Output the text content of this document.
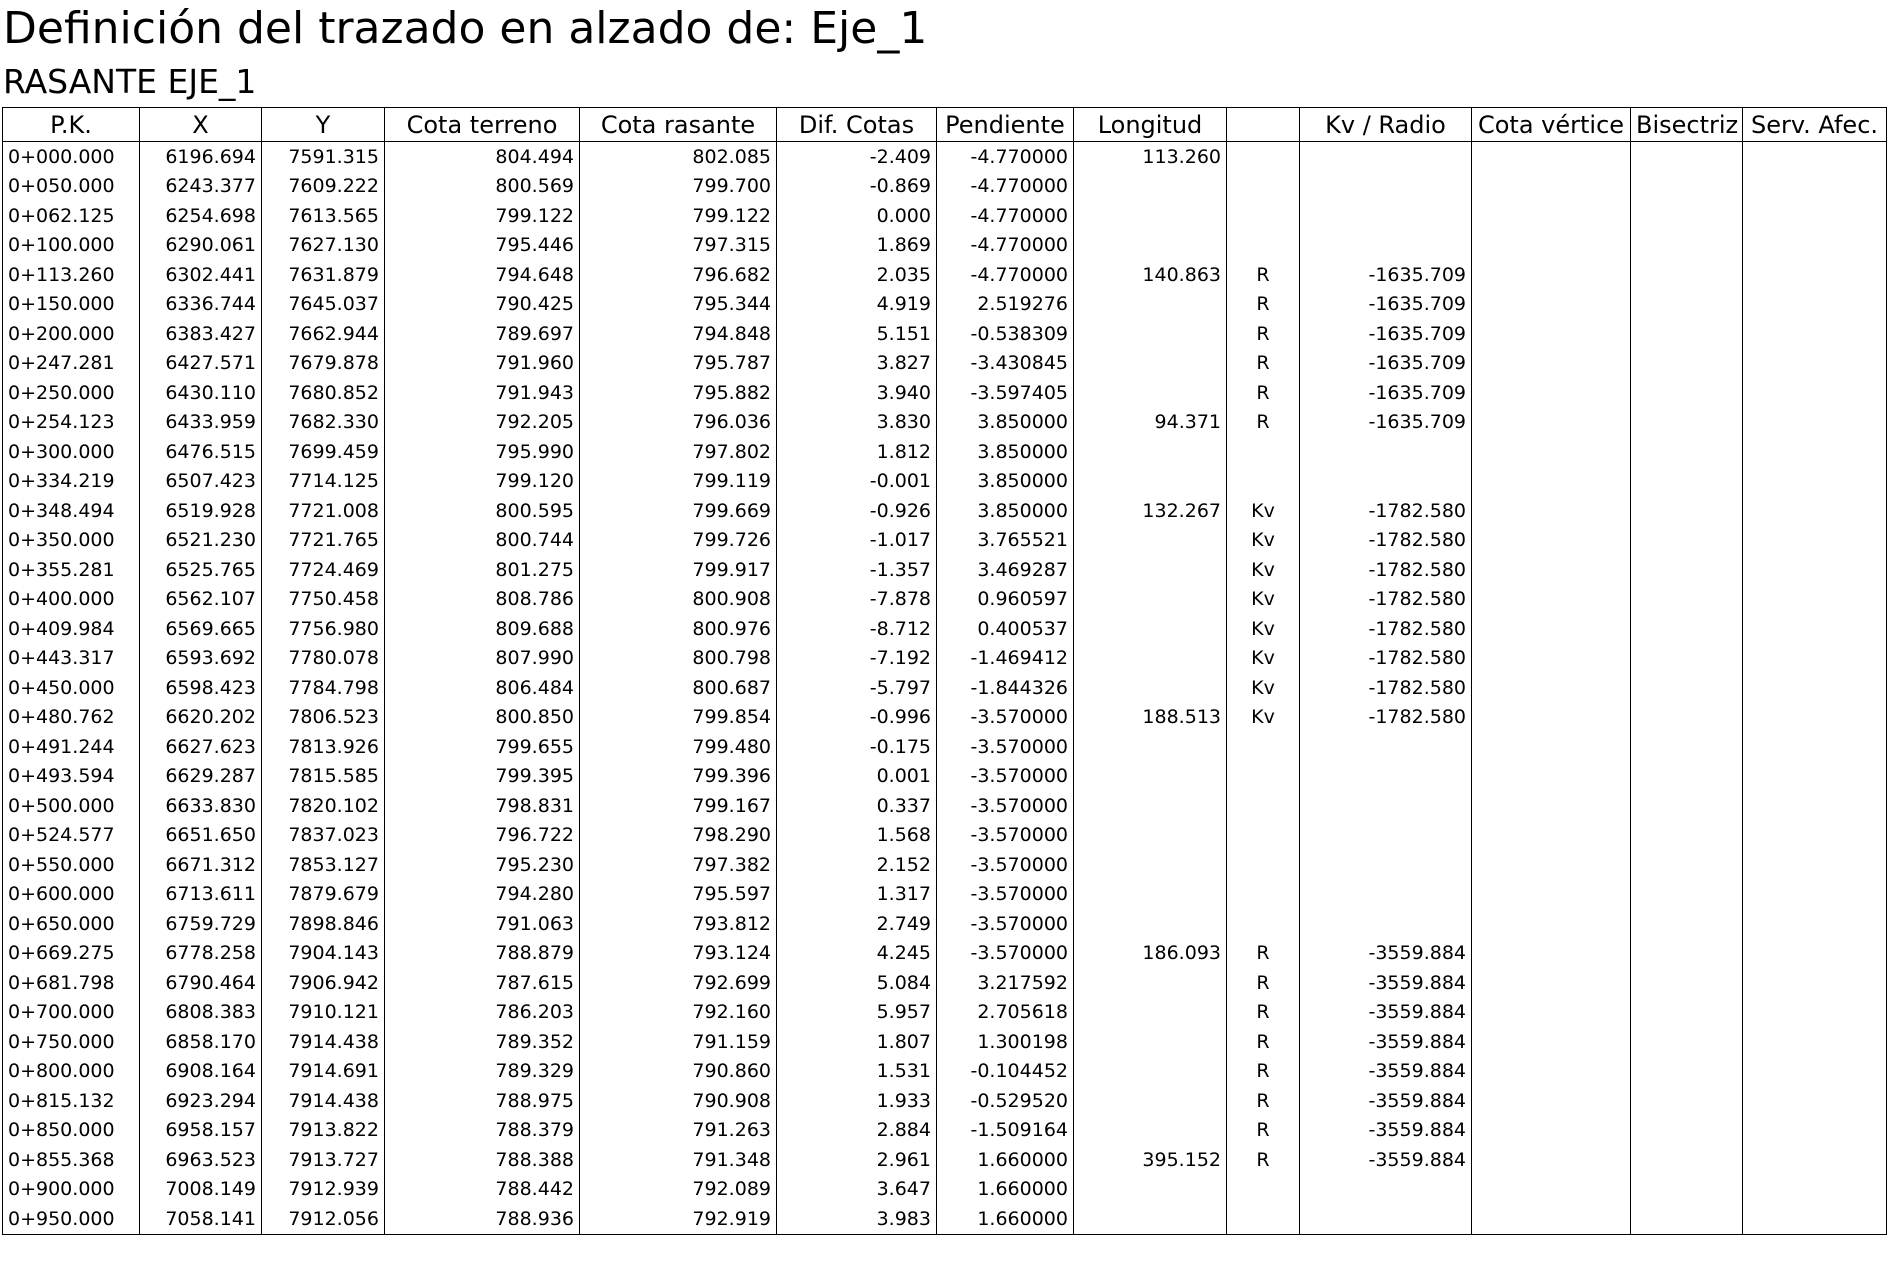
Definición del trazado en alzado de: Eje_1
RASANTE EJE_1
P.K.	X	Y	Cota terreno	Cota rasante	Dif. Cotas	Pendiente	Longitud		Kv / Radio	Cota vértice	Bisectriz	Serv. Afec.
0+000.000	6196.694	7591.315	804.494	802.085	-2.409	-4.770000	113.260					
0+050.000	6243.377	7609.222	800.569	799.700	-0.869	-4.770000						
0+062.125	6254.698	7613.565	799.122	799.122	0.000	-4.770000						
0+100.000	6290.061	7627.130	795.446	797.315	1.869	-4.770000						
0+113.260	6302.441	7631.879	794.648	796.682	2.035	-4.770000	140.863	R	-1635.709			
0+150.000	6336.744	7645.037	790.425	795.344	4.919	2.519276		R	-1635.709			
0+200.000	6383.427	7662.944	789.697	794.848	5.151	-0.538309		R	-1635.709			
0+247.281	6427.571	7679.878	791.960	795.787	3.827	-3.430845		R	-1635.709			
0+250.000	6430.110	7680.852	791.943	795.882	3.940	-3.597405		R	-1635.709			
0+254.123	6433.959	7682.330	792.205	796.036	3.830	3.850000	94.371	R	-1635.709			
0+300.000	6476.515	7699.459	795.990	797.802	1.812	3.850000						
0+334.219	6507.423	7714.125	799.120	799.119	-0.001	3.850000						
0+348.494	6519.928	7721.008	800.595	799.669	-0.926	3.850000	132.267	Kv	-1782.580			
0+350.000	6521.230	7721.765	800.744	799.726	-1.017	3.765521		Kv	-1782.580			
0+355.281	6525.765	7724.469	801.275	799.917	-1.357	3.469287		Kv	-1782.580			
0+400.000	6562.107	7750.458	808.786	800.908	-7.878	0.960597		Kv	-1782.580			
0+409.984	6569.665	7756.980	809.688	800.976	-8.712	0.400537		Kv	-1782.580			
0+443.317	6593.692	7780.078	807.990	800.798	-7.192	-1.469412		Kv	-1782.580			
0+450.000	6598.423	7784.798	806.484	800.687	-5.797	-1.844326		Kv	-1782.580			
0+480.762	6620.202	7806.523	800.850	799.854	-0.996	-3.570000	188.513	Kv	-1782.580			
0+491.244	6627.623	7813.926	799.655	799.480	-0.175	-3.570000						
0+493.594	6629.287	7815.585	799.395	799.396	0.001	-3.570000						
0+500.000	6633.830	7820.102	798.831	799.167	0.337	-3.570000						
0+524.577	6651.650	7837.023	796.722	798.290	1.568	-3.570000						
0+550.000	6671.312	7853.127	795.230	797.382	2.152	-3.570000						
0+600.000	6713.611	7879.679	794.280	795.597	1.317	-3.570000						
0+650.000	6759.729	7898.846	791.063	793.812	2.749	-3.570000						
0+669.275	6778.258	7904.143	788.879	793.124	4.245	-3.570000	186.093	R	-3559.884			
0+681.798	6790.464	7906.942	787.615	792.699	5.084	3.217592		R	-3559.884			
0+700.000	6808.383	7910.121	786.203	792.160	5.957	2.705618		R	-3559.884			
0+750.000	6858.170	7914.438	789.352	791.159	1.807	1.300198		R	-3559.884			
0+800.000	6908.164	7914.691	789.329	790.860	1.531	-0.104452		R	-3559.884			
0+815.132	6923.294	7914.438	788.975	790.908	1.933	-0.529520		R	-3559.884			
0+850.000	6958.157	7913.822	788.379	791.263	2.884	-1.509164		R	-3559.884			
0+855.368	6963.523	7913.727	788.388	791.348	2.961	1.660000	395.152	R	-3559.884			
0+900.000	7008.149	7912.939	788.442	792.089	3.647	1.660000						
0+950.000	7058.141	7912.056	788.936	792.919	3.983	1.660000						
